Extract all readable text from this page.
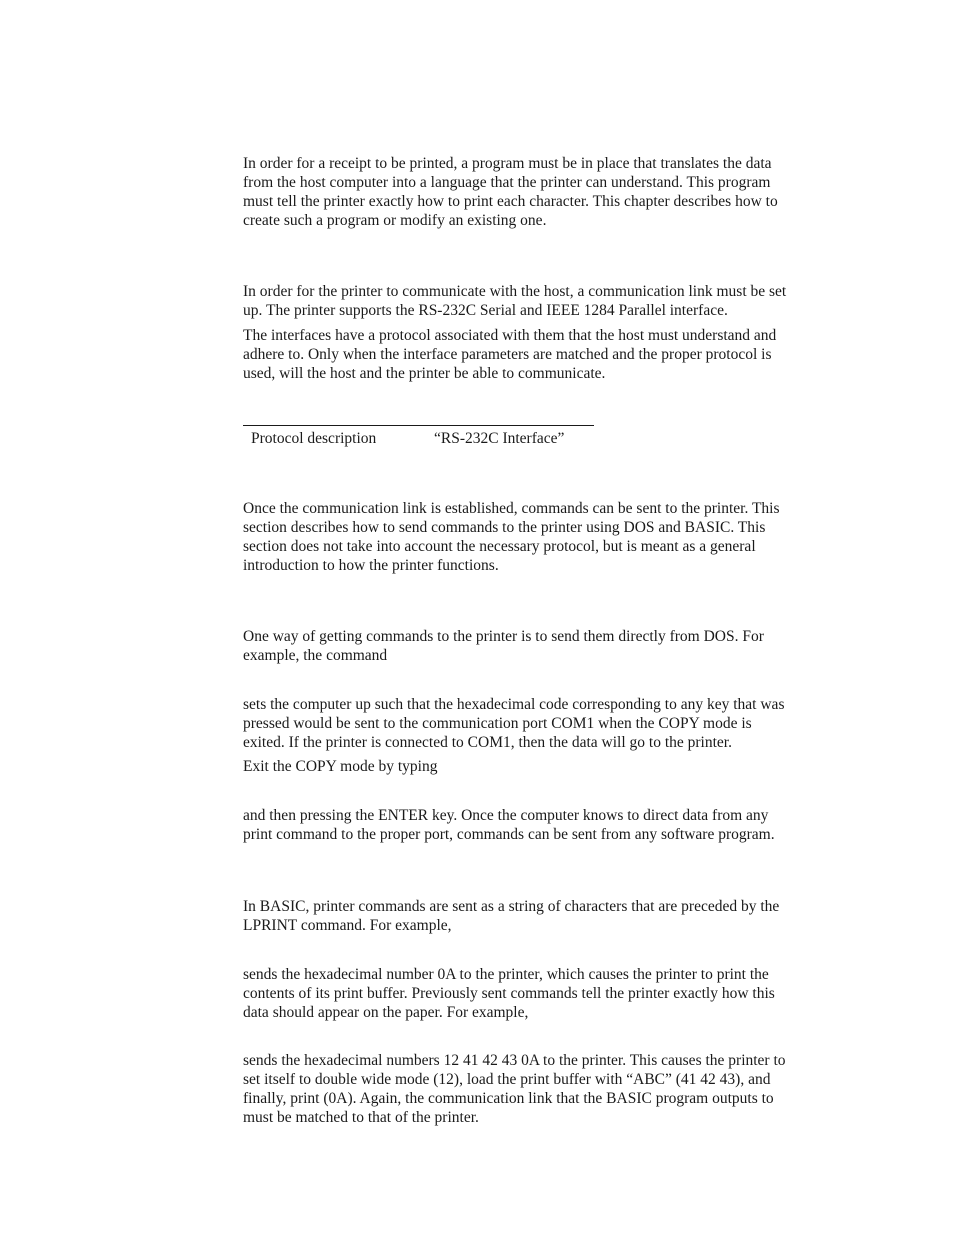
In order for a receipt to be printed, a program must be in place that translates the data
from the host computer into a language that the printer can understand. This program
must tell the printer exactly how to print each character. This chapter describes how to
create such a program or modify an existing one.

In order for the printer to communicate with the host, a communication link must be set
up. The printer supports the RS-232C Serial and IEEE 1284 Parallel interface.

The interfaces have a protocol associated with them that the host must understand and
adhere to. Only when the interface parameters are matched and the proper protocol is
used, will the host and the printer be able to communicate.

Protocol description	“RS-232C Interface”

Once the communication link is established, commands can be sent to the printer. This
section describes how to send commands to the printer using DOS and BASIC. This
section does not take into account the necessary protocol, but is meant as a general
introduction to how the printer functions.

One way of getting commands to the printer is to send them directly from DOS. For
example, the command

sets the computer up such that the hexadecimal code corresponding to any key that was
pressed would be sent to the communication port COM1 when the COPY mode is
exited. If the printer is connected to COM1, then the data will go to the printer.

Exit the COPY mode by typing

and then pressing the ENTER key. Once the computer knows to direct data from any
print command to the proper port, commands can be sent from any software program.

In BASIC, printer commands are sent as a string of characters that are preceded by the
LPRINT command. For example,

sends the hexadecimal number 0A to the printer, which causes the printer to print the
contents of its print buffer. Previously sent commands tell the printer exactly how this
data should appear on the paper. For example,

sends the hexadecimal numbers 12 41 42 43 0A to the printer. This causes the printer to
set itself to double wide mode (12), load the print buffer with “ABC” (41 42 43), and
finally, print (0A). Again, the communication link that the BASIC program outputs to
must be matched to that of the printer.
